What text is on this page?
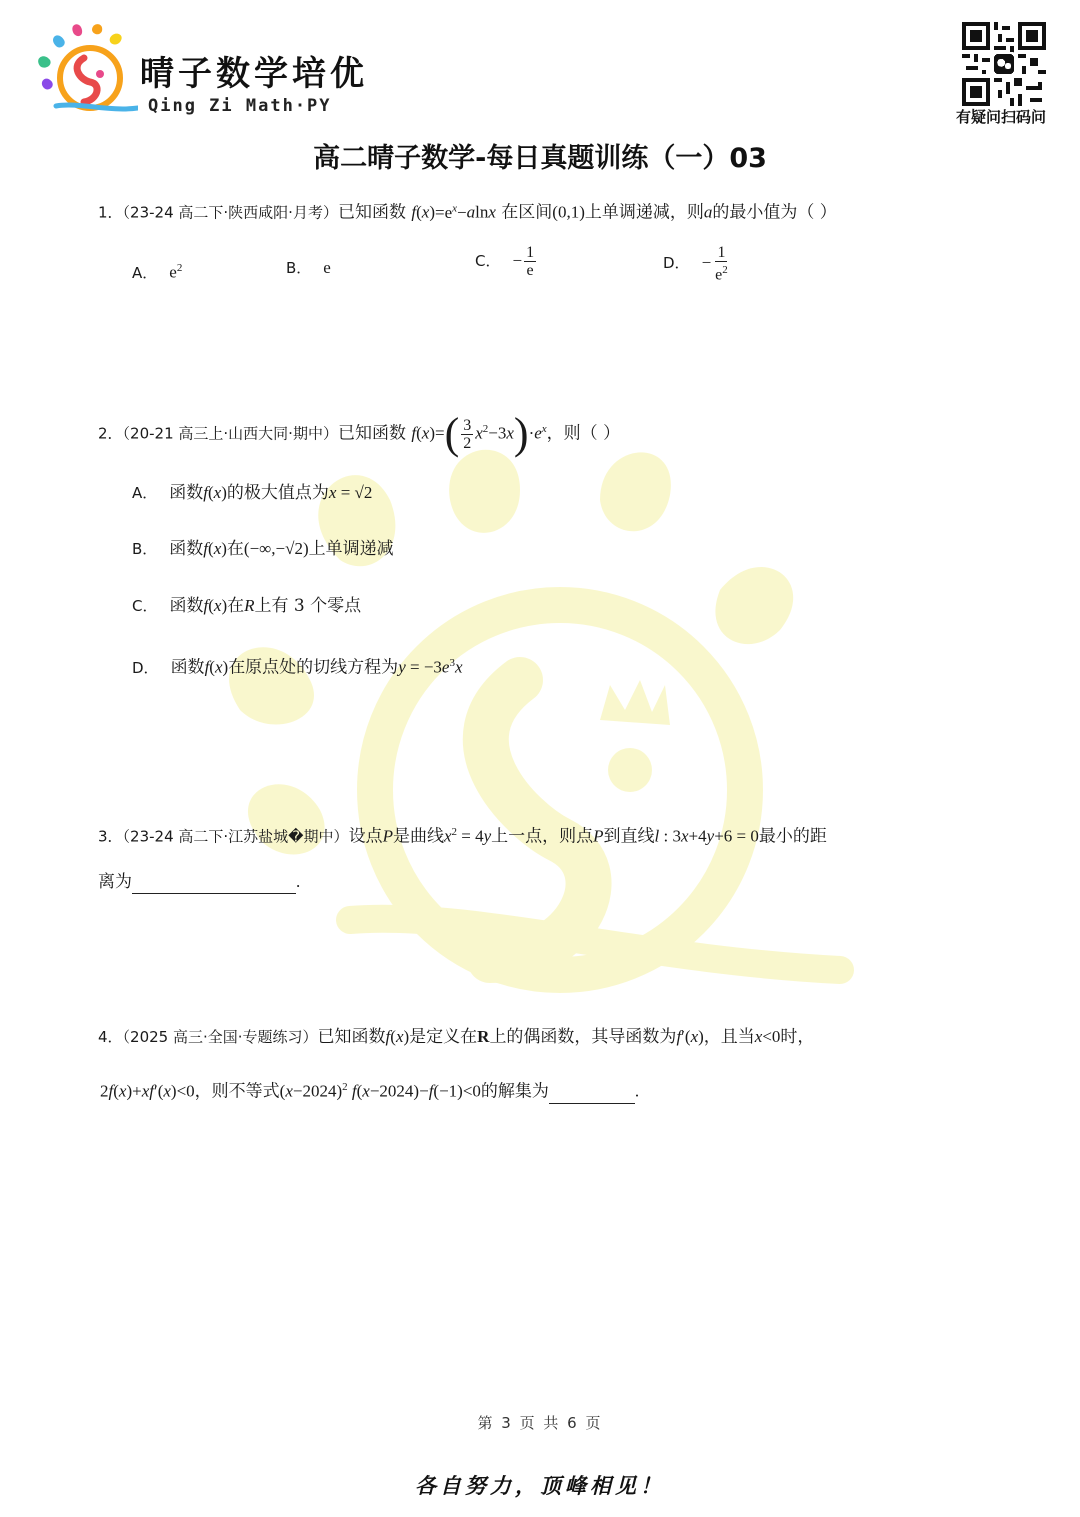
晴子数学培优
Qing Zi Math·PY
有疑问扫码问
高二晴子数学-每日真题训练（一）03
1．（23-24 高二下·陕西咸阳·月考）已知函数 $f(x)=e^x-alnx$ 在区间(0,1)上单调递减，则a的最小值为（ ）
A． $e^2$	B． e	C． − $\frac{1}{e}$	D． − $\frac{1}{e^2}$
2．（20-21 高三上·山西大同·期中）已知函数 $f(x)=( \frac{3}{2} x^2-3x)\cdot e^x$，则（ ）
A． 函数f(x)的极大值点为x = √2
B． 函数f(x)在(−∞,−√2)上单调递减
C． 函数f(x)在R上有 3 个零点
D． 函数f(x)在原点处的切线方程为$y = -3e^3x$
3．（23-24 高二下·江苏盐城�期中）设点P是曲线$x^2 = 4y$上一点，则点P到直线l : 3x+4y+6 = 0最小的距
离为	.
4．（2025 高三·全国·专题练习）已知函数f(x)是定义在R上的偶函数，其导函数为f′(x)，且当x<0时，
2f(x)+xf′(x)<0，则不等式$(x-2024)^2$ f(x−2024)−f(−1)<0的解集为	.
第 3 页 共 6 页
各自努力，顶峰相见！
